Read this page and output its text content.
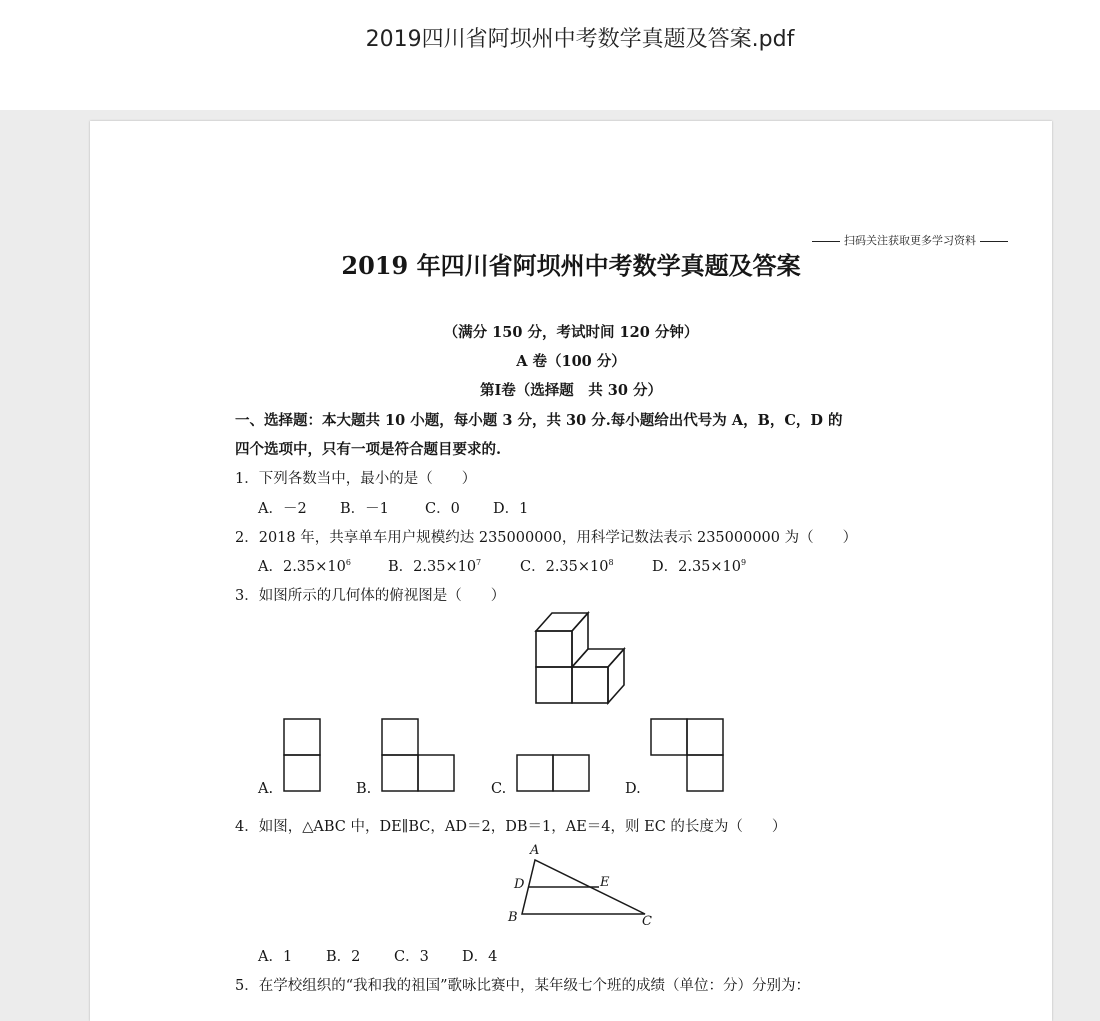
2019四川省阿坝州中考数学真题及答案.pdf
扫码关注获取更多学习资料
2019 年四川省阿坝州中考数学真题及答案
（满分 150 分，考试时间 120 分钟）
A 卷（100 分）
第Ⅰ卷（选择题　共 30 分）
一、选择题：本大题共 10 小题，每小题 3 分，共 30 分.每小题给出代号为 A，B，C，D 的
四个选项中，只有一项是符合题目要求的.
1．下列各数当中，最小的是（　　）
A．－2 B．－1 C．0 D．1
2．2018 年，共享单车用户规模约达 235000000，用科学记数法表示 235000000 为（　　）
A．$2.35\times 10^6$	B．$2.35\times 10^7$	C．$2.35\times 10^8$	D．$2.35\times 10^9$
3．如图所示的几何体的俯视图是（　　）
A.	B.	C.	D.
4．如图，△ABC 中，DE∥BC，AD＝2，DB＝1，AE＝4，则 EC 的长度为（　　）
A
D	E
B	C
A．1 B．2 C．3 D．4
5．在学校组织的“我和我的祖国”歌咏比赛中，某年级七个班的成绩（单位：分）分别为：
